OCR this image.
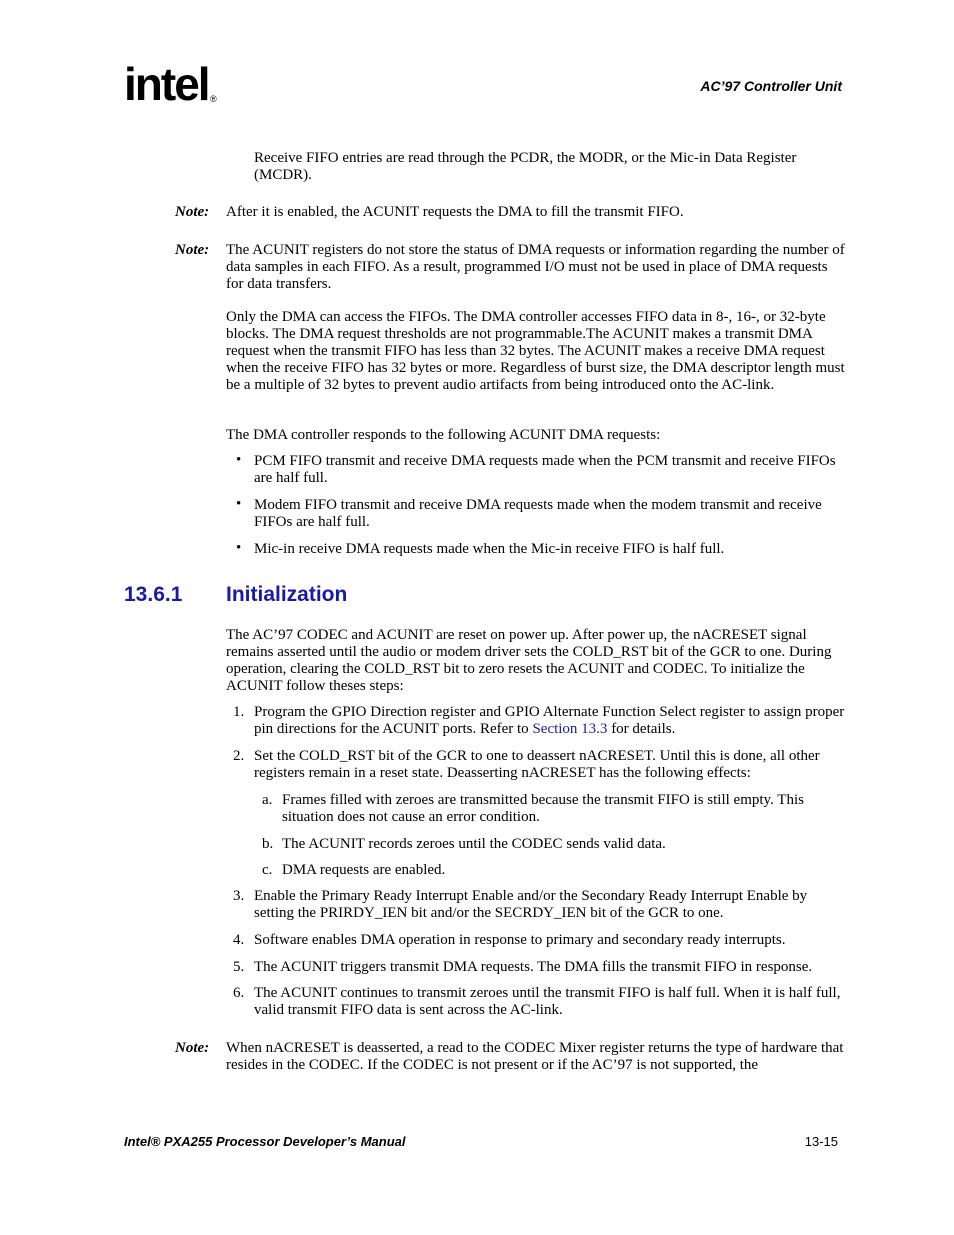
intel ®
AC’97 Controller Unit
Receive FIFO entries are read through the PCDR, the MODR, or the Mic-in Data Register (MCDR).
Note: After it is enabled, the ACUNIT requests the DMA to fill the transmit FIFO.
Note: The ACUNIT registers do not store the status of DMA requests or information regarding the number of data samples in each FIFO. As a result, programmed I/O must not be used in place of DMA requests for data transfers.
Only the DMA can access the FIFOs. The DMA controller accesses FIFO data in 8-, 16-, or 32-byte blocks. The DMA request thresholds are not programmable.The ACUNIT makes a transmit DMA request when the transmit FIFO has less than 32 bytes. The ACUNIT makes a receive DMA request when the receive FIFO has 32 bytes or more. Regardless of burst size, the DMA descriptor length must be a multiple of 32 bytes to prevent audio artifacts from being introduced onto the AC-link.
The DMA controller responds to the following ACUNIT DMA requests:
• PCM FIFO transmit and receive DMA requests made when the PCM transmit and receive FIFOs are half full.
• Modem FIFO transmit and receive DMA requests made when the modem transmit and receive FIFOs are half full.
• Mic-in receive DMA requests made when the Mic-in receive FIFO is half full.
13.6.1 Initialization
The AC’97 CODEC and ACUNIT are reset on power up. After power up, the nACRESET signal remains asserted until the audio or modem driver sets the COLD_RST bit of the GCR to one. During operation, clearing the COLD_RST bit to zero resets the ACUNIT and CODEC. To initialize the ACUNIT follow theses steps:
1. Program the GPIO Direction register and GPIO Alternate Function Select register to assign proper pin directions for the ACUNIT ports. Refer to Section 13.3 for details.
2. Set the COLD_RST bit of the GCR to one to deassert nACRESET. Until this is done, all other registers remain in a reset state. Deasserting nACRESET has the following effects:
a. Frames filled with zeroes are transmitted because the transmit FIFO is still empty. This situation does not cause an error condition.
b. The ACUNIT records zeroes until the CODEC sends valid data.
c. DMA requests are enabled.
3. Enable the Primary Ready Interrupt Enable and/or the Secondary Ready Interrupt Enable by setting the PRIRDY_IEN bit and/or the SECRDY_IEN bit of the GCR to one.
4. Software enables DMA operation in response to primary and secondary ready interrupts.
5. The ACUNIT triggers transmit DMA requests. The DMA fills the transmit FIFO in response.
6. The ACUNIT continues to transmit zeroes until the transmit FIFO is half full. When it is half full, valid transmit FIFO data is sent across the AC-link.
Note: When nACRESET is deasserted, a read to the CODEC Mixer register returns the type of hardware that resides in the CODEC. If the CODEC is not present or if the AC’97 is not supported, the
Intel® PXA255 Processor Developer’s Manual	13-15
